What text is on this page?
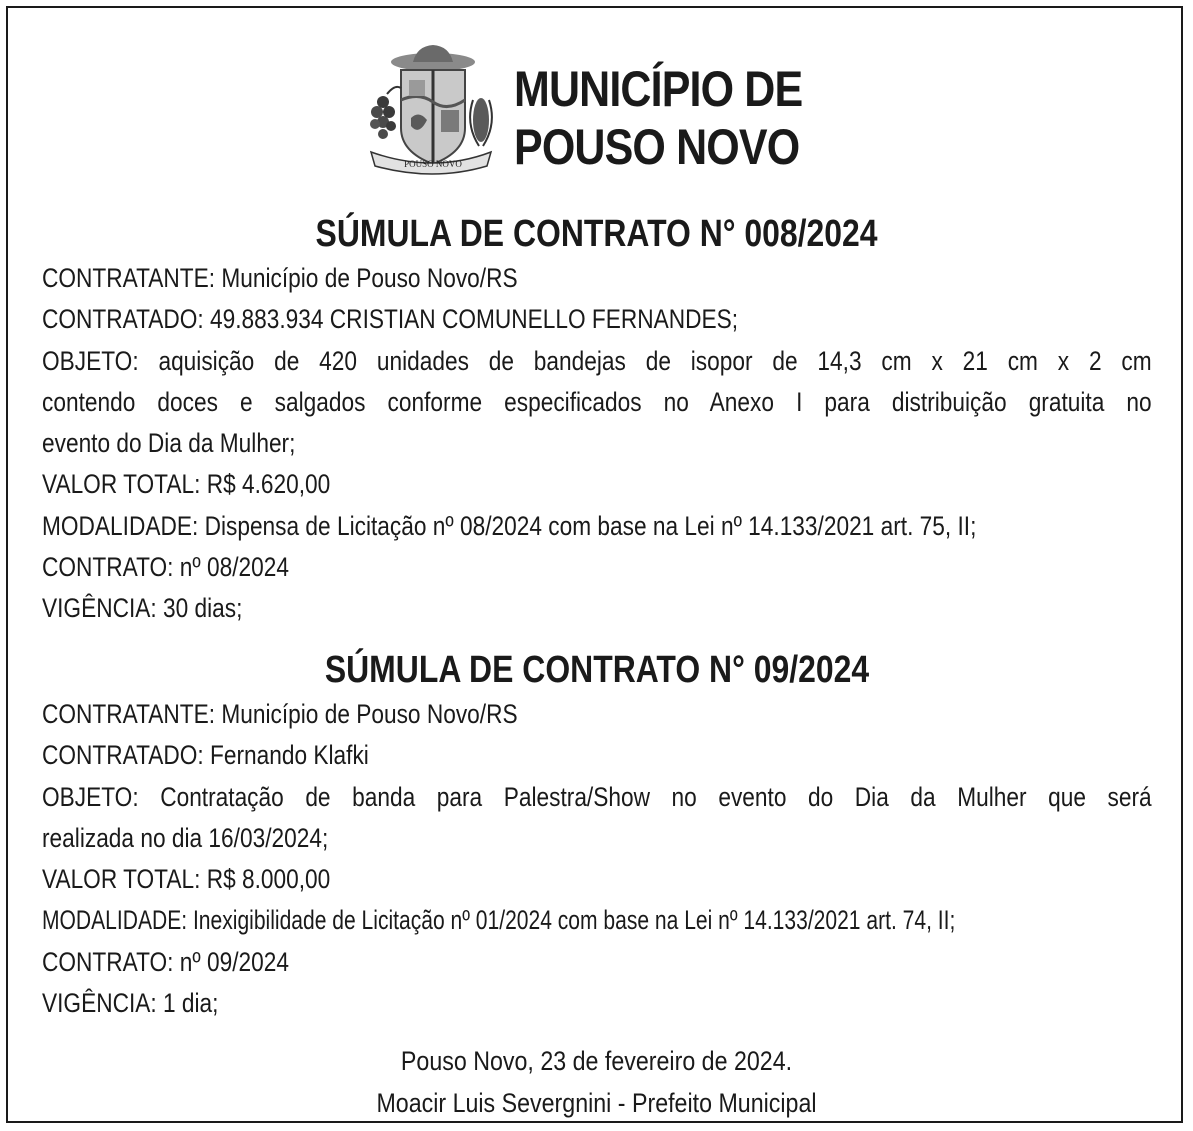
POUSO NOVO
MUNICÍPIO DE
POUSO NOVO
SÚMULA DE CONTRATO N° 008/2024
CONTRATANTE: Município de Pouso Novo/RS
CONTRATADO: 49.883.934 CRISTIAN COMUNELLO FERNANDES;
OBJETO: aquisição de 420 unidades de bandejas de isopor de 14,3 cm x 21 cm x 2 cm
contendo doces e salgados conforme especificados no Anexo I para distribuição gratuita no
evento do Dia da Mulher;
VALOR TOTAL: R$ 4.620,00
MODALIDADE: Dispensa de Licitação nº 08/2024 com base na Lei nº 14.133/2021 art. 75, II;
CONTRATO: nº 08/2024
VIGÊNCIA: 30 dias;
SÚMULA DE CONTRATO N° 09/2024
CONTRATANTE: Município de Pouso Novo/RS
CONTRATADO: Fernando Klafki
OBJETO: Contratação de banda para Palestra/Show no evento do Dia da Mulher que será
realizada no dia 16/03/2024;
VALOR TOTAL: R$ 8.000,00
MODALIDADE: Inexigibilidade de Licitação nº 01/2024 com base na Lei nº 14.133/2021 art. 74, II;
CONTRATO: nº 09/2024
VIGÊNCIA: 1 dia;
Pouso Novo, 23 de fevereiro de 2024.
Moacir Luis Severgnini - Prefeito Municipal
